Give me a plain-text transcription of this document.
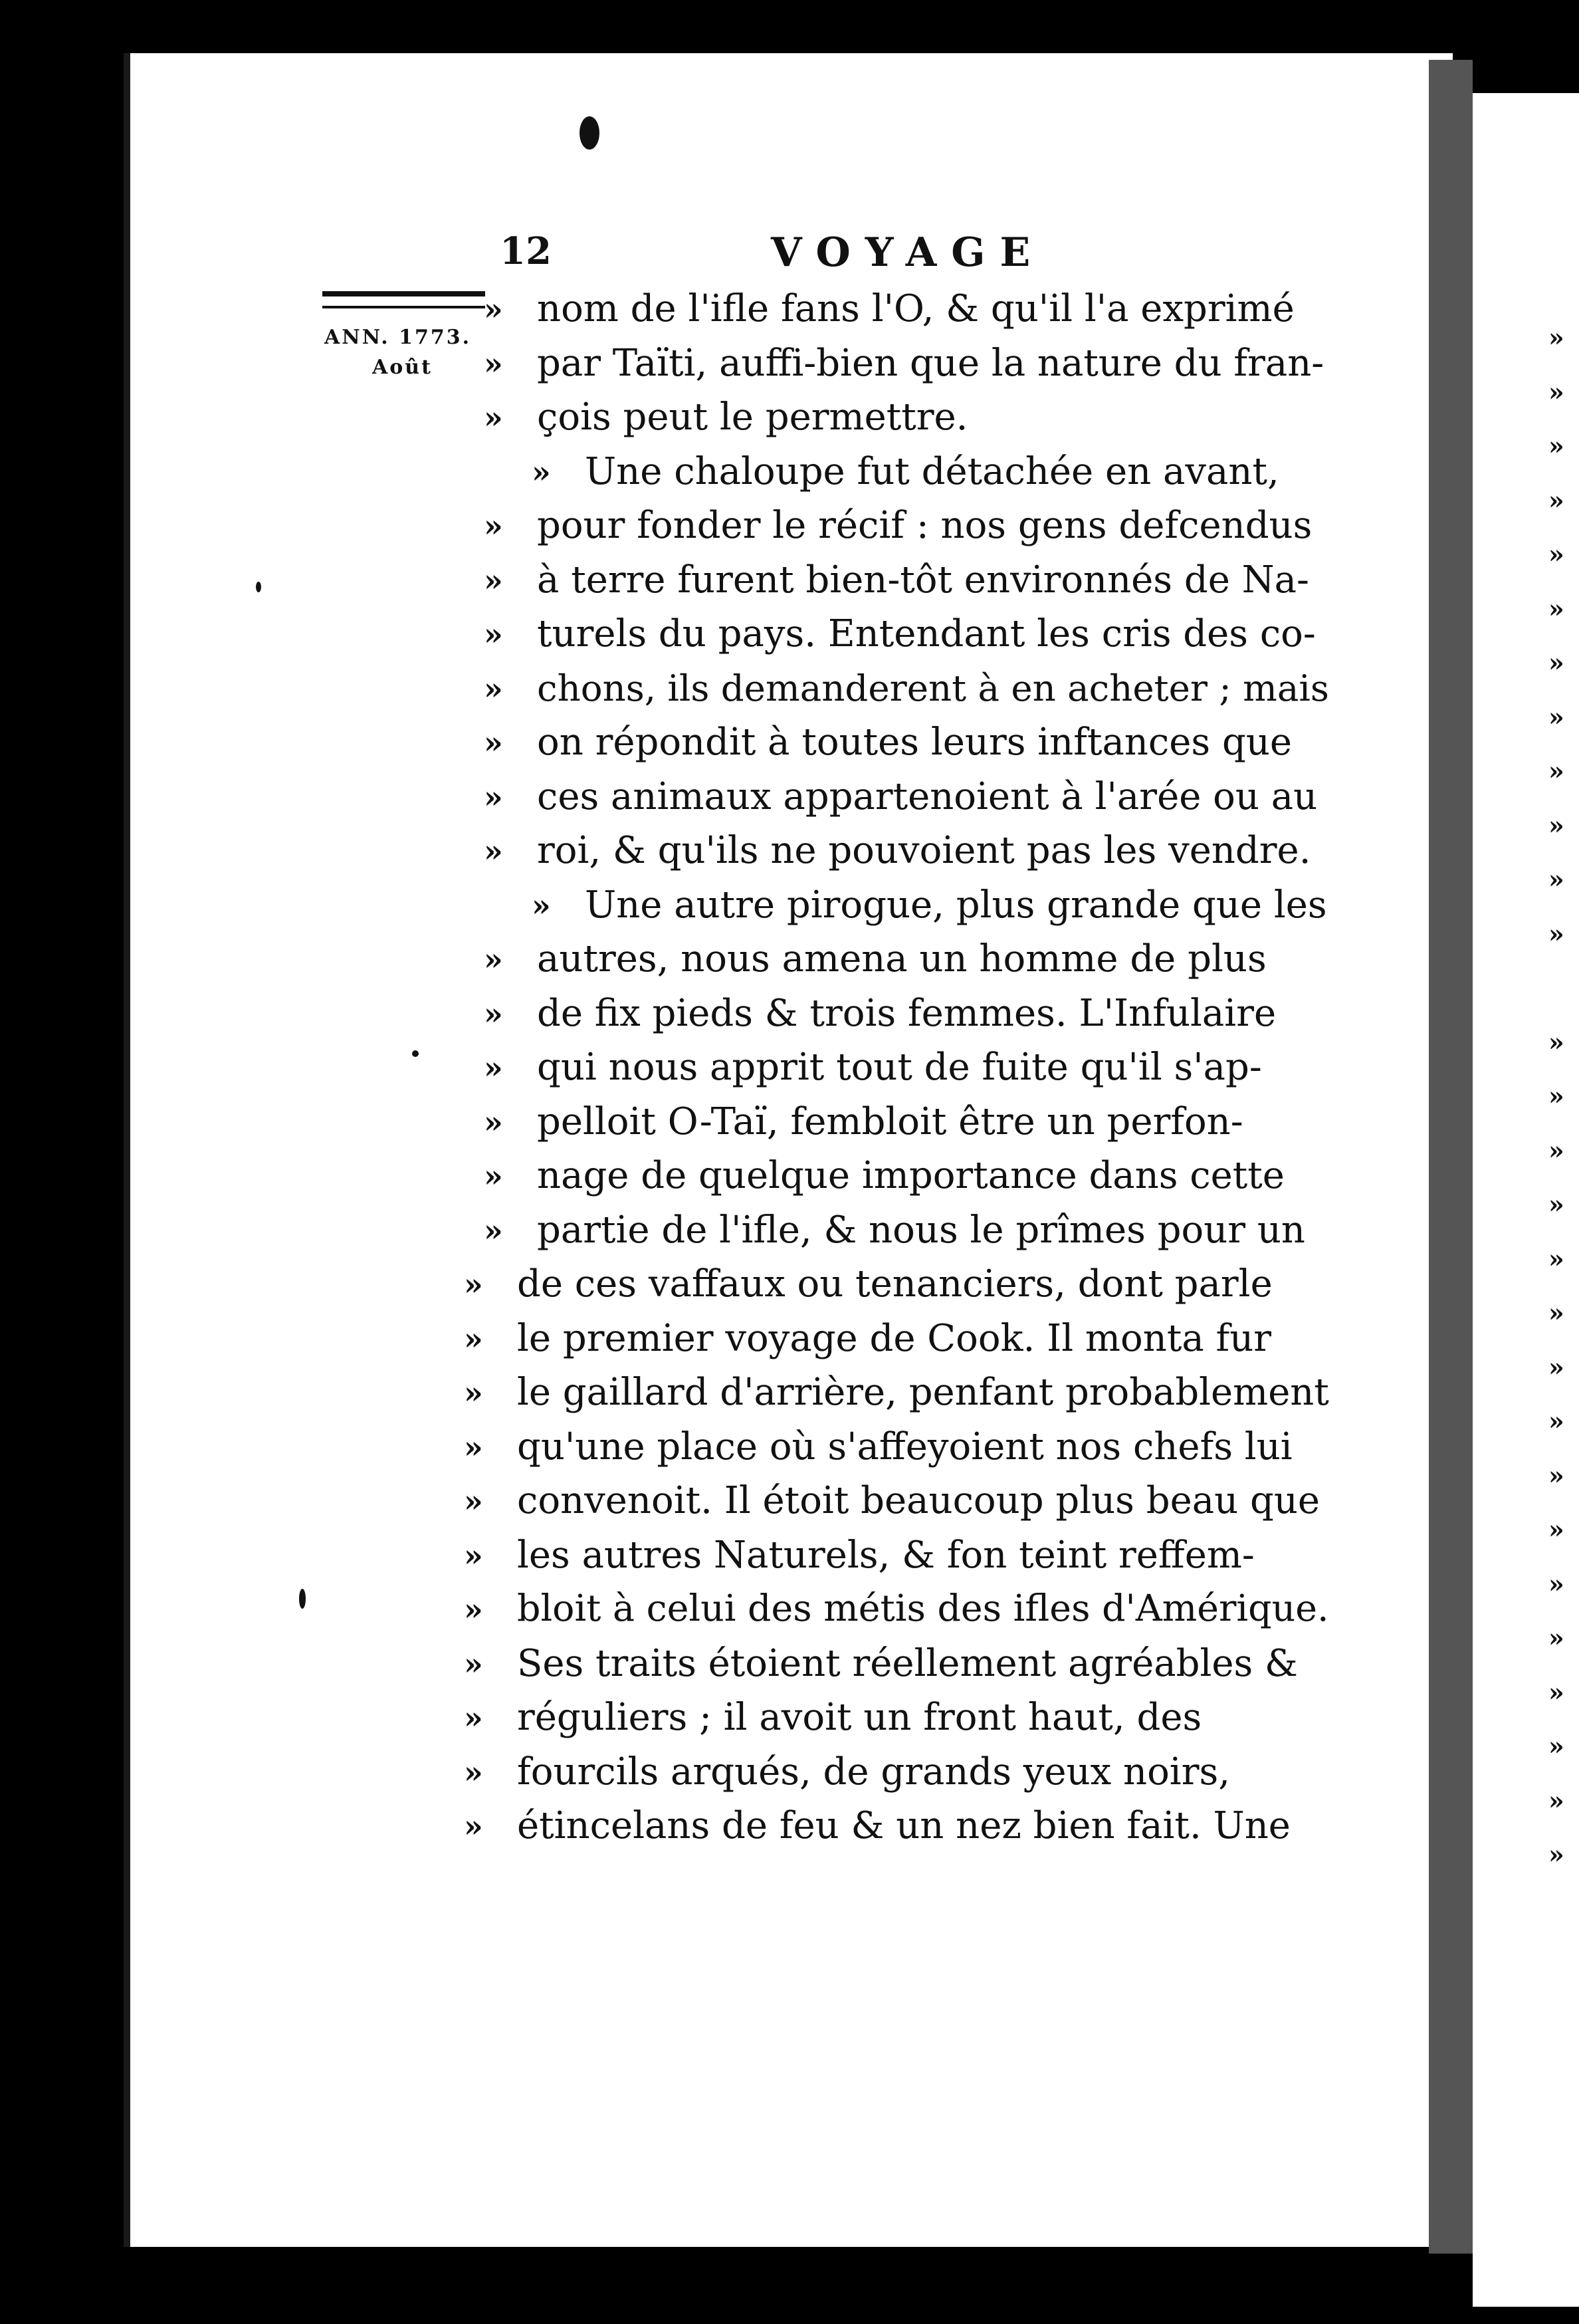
12	VOYAGE
ANN. 1773.
Août
» nom de l'ifle fans l'O, & qu'il l'a exprimé
» par Taïti, auffi-bien que la nature du fran-
» çois peut le permettre.
» Une chaloupe fut détachée en avant,
» pour fonder le récif : nos gens defcendus
» à terre furent bien-tôt environnés de Na-
» turels du pays. Entendant les cris des co-
» chons, ils demanderent à en acheter ; mais
» on répondit à toutes leurs inftances que
» ces animaux appartenoient à l'arée ou au
» roi, & qu'ils ne pouvoient pas les vendre.
» Une autre pirogue, plus grande que les
» autres, nous amena un homme de plus
» de fix pieds & trois femmes. L'Infulaire
» qui nous apprit tout de fuite qu'il s'ap-
» pelloit O-Taï, fembloit être un perfon-
» nage de quelque importance dans cette
» partie de l'ifle, & nous le prîmes pour un
» de ces vaffaux ou tenanciers, dont parle
» le premier voyage de Cook. Il monta fur
» le gaillard d'arrière, penfant probablement
» qu'une place où s'affeyoient nos chefs lui
» convenoit. Il étoit beaucoup plus beau que
» les autres Naturels, & fon teint reffem-
» bloit à celui des métis des ifles d'Amérique.
» Ses traits étoient réellement agréables &
» réguliers ; il avoit un front haut, des
» fourcils arqués, de grands yeux noirs,
» étincelans de feu & un nez bien fait. Une
»
»
»
»
»
»
»
»
»
»
»
»
»
»
»
»
»
»
»
»
»
»
»
»
»
»
»
»
